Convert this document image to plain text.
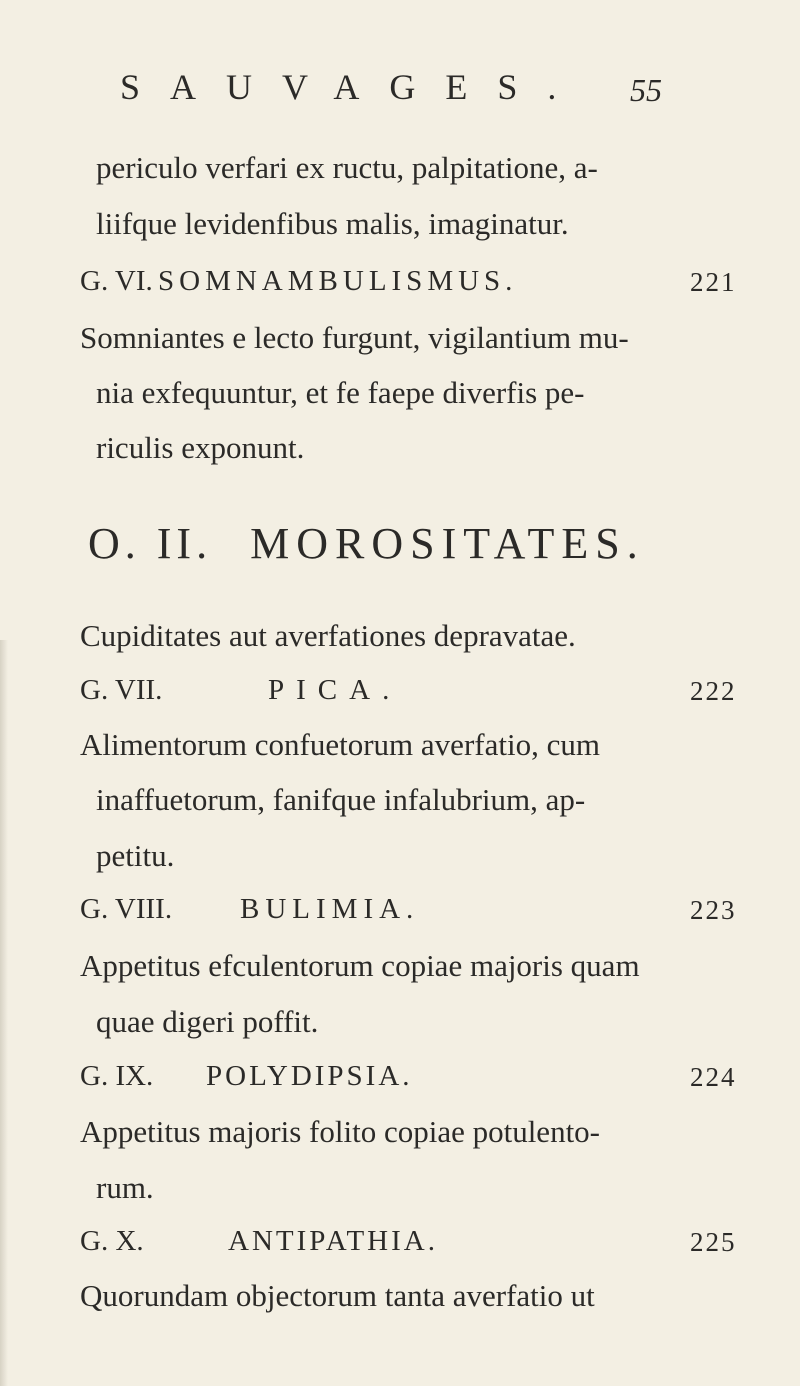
SAUVAGES. 55
periculo verfari ex ructu, palpitatione, a-
liifque levidenfibus malis, imaginatur.
G. VI. SOMNAMBULISMUS.	221
Somniantes e lecto furgunt, vigilantium mu-
nia exfequuntur, et fe faepe diverfis pe-
riculis exponunt.
O. II. MOROSITATES.
Cupiditates aut averfationes depravatae.
G. VII.	PICA.	222
Alimentorum confuetorum averfatio, cum
inaffuetorum, fanifque infalubrium, ap-
petitu.
G. VIII. BULIMIA.	223
Appetitus efculentorum copiae majoris quam
quae digeri poffit.
G. IX. POLYDIPSIA.	224
Appetitus majoris folito copiae potulento-
rum.
G. X.	ANTIPATHIA.	225
Quorundam objectorum tanta averfatio ut
